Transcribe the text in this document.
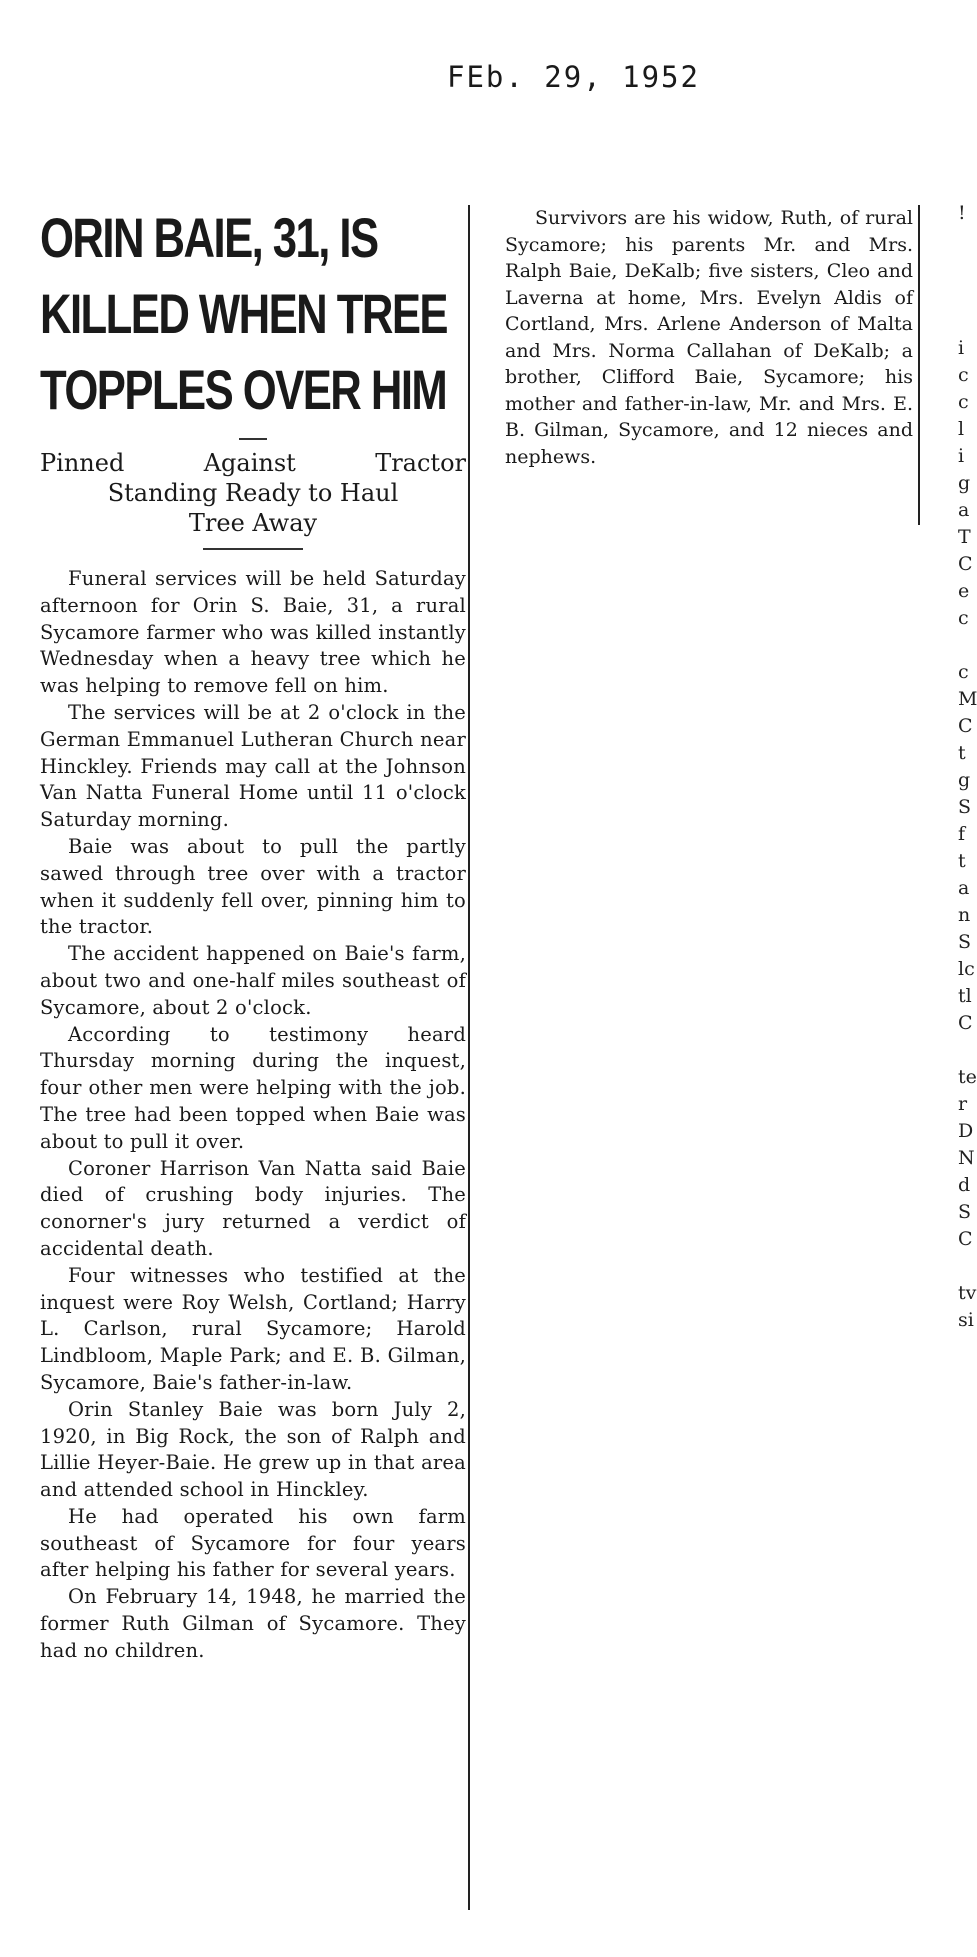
FEb. 29, 1952
ORIN BAIE, 31, IS
KILLED WHEN TREE
TOPPLES OVER HIM
Pinned Against Tractor
Standing Ready to Haul
Tree Away

Funeral services will be held Saturday afternoon for Orin S. Baie, 31, a rural Sycamore farmer who was killed instantly Wednesday when a heavy tree which he was helping to remove fell on him.

The services will be at 2 o'clock in the German Emmanuel Lutheran Church near Hinckley. Friends may call at the Johnson Van Natta Funeral Home until 11 o'clock Saturday morning.

Baie was about to pull the partly sawed through tree over with a tractor when it suddenly fell over, pinning him to the tractor.

The accident happened on Baie's farm, about two and one-half miles southeast of Sycamore, about 2 o'clock.

According to testimony heard Thursday morning during the inquest, four other men were helping with the job. The tree had been topped when Baie was about to pull it over.

Coroner Harrison Van Natta said Baie died of crushing body injuries. The conorner's jury returned a verdict of accidental death.

Four witnesses who testified at the inquest were Roy Welsh, Cortland; Harry L. Carlson, rural Sycamore; Harold Lindbloom, Maple Park; and E. B. Gilman, Sycamore, Baie's father-in-law.

Orin Stanley Baie was born July 2, 1920, in Big Rock, the son of Ralph and Lillie Heyer-Baie. He grew up in that area and attended school in Hinckley.

He had operated his own farm southeast of Sycamore for four years after helping his father for several years.

On February 14, 1948, he married the former Ruth Gilman of Sycamore. They had no children.

Survivors are his widow, Ruth, of rural Sycamore; his parents Mr. and Mrs. Ralph Baie, DeKalb; five sisters, Cleo and Laverna at home, Mrs. Evelyn Aldis of Cortland, Mrs. Arlene Anderson of Malta and Mrs. Norma Callahan of DeKalb; a brother, Clifford Baie, Sycamore; his mother and father-in-law, Mr. and Mrs. E. B. Gilman, Sycamore, and 12 nieces and nephews.

!
i
c
c
l
i
g
a
T
C
e
c
c
M
C
t
g
S
f
t
a
n
S
lc
tl
C
te
r
D
N
d
S
C
tv
si
